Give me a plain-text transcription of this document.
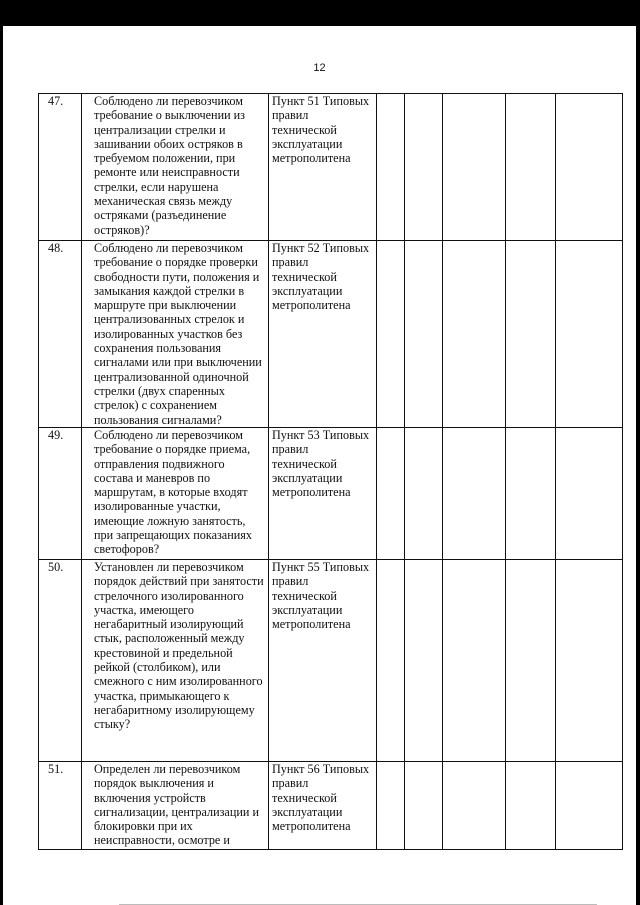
12
47.	Соблюдено ли перевозчиком требование о выключении из централизации стрелки и зашивании обоих остряков в требуемом положении, при ремонте или неисправности стрелки, если нарушена механическая связь между остряками (разъединение остряков)?	Пункт 51 Типовых правил технической эксплуатации метрополитена					

48.	Соблюдено ли перевозчиком требование о порядке проверки свободности пути, положения и замыкания каждой стрелки в маршруте при выключении централизованных стрелок и изолированных участков без сохранения пользования сигналами или при выключении централизованной одиночной стрелки (двух спаренных стрелок) с сохранением пользования сигналами?	Пункт 52 Типовых правил технической эксплуатации метрополитена					

49.	Соблюдено ли перевозчиком требование о порядке приема, отправления подвижного состава и маневров по маршрутам, в которые входят изолированные участки, имеющие ложную занятость, при запрещающих показаниях светофоров?	Пункт 53 Типовых правил технической эксплуатации метрополитена					

50.	Установлен ли перевозчиком порядок действий при занятости стрелочного изолированного участка, имеющего негабаритный изолирующий стык, расположенный между крестовиной и предельной рейкой (столбиком), или смежного с ним изолированного участка, примыкающего к негабаритному изолирующему стыку?	Пункт 55 Типовых правил технической эксплуатации метрополитена					

51.	Определен ли перевозчиком порядок выключения и включения устройств сигнализации, централизации и блокировки при их неисправности, осмотре и	Пункт 56 Типовых правил технической эксплуатации метрополитена					
